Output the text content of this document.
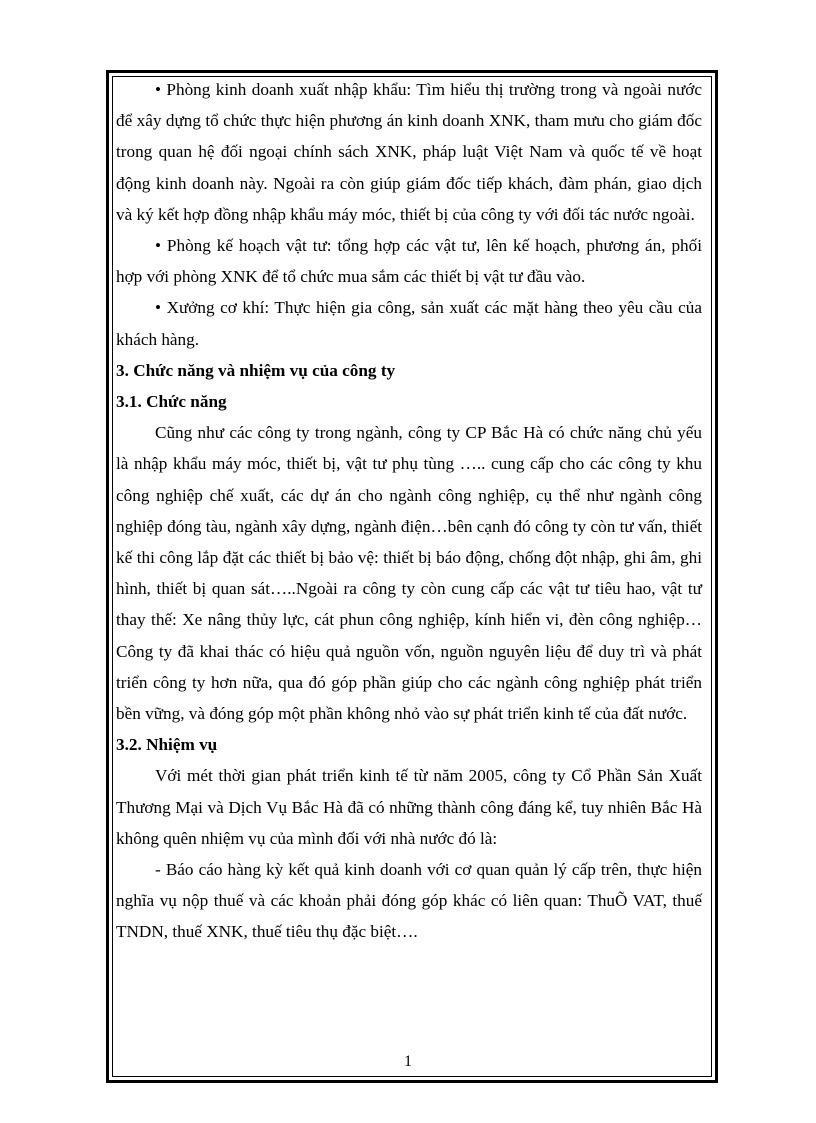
• Phòng kinh doanh xuất nhập khẩu: Tìm hiểu thị trường trong và ngoài nước để xây dựng tổ chức thực hiện phương án kinh doanh XNK, tham mưu cho giám đốc trong quan hệ đối ngoại chính sách XNK, pháp luật Việt Nam và quốc tế về hoạt động kinh doanh này. Ngoài ra còn giúp giám đốc tiếp khách, đàm phán, giao dịch và ký kết hợp đồng nhập khẩu máy móc, thiết bị của công ty với đối tác nước ngoài.

• Phòng kế hoạch vật tư: tổng hợp các vật tư, lên kế hoạch, phương án, phối hợp với phòng XNK để tổ chức mua sắm các thiết bị vật tư đầu vào.

• Xưởng cơ khí: Thực hiện gia công, sản xuất các mặt hàng theo yêu cầu của khách hàng.

3. Chức năng và nhiệm vụ của công ty
3.1. Chức năng

Cũng như các công ty trong ngành, công ty CP Bắc Hà có chức năng chủ yếu là nhập khẩu máy móc, thiết bị, vật tư phụ tùng ….. cung cấp cho các công ty khu công nghiệp chế xuất, các dự án cho ngành công nghiệp, cụ thể như ngành công nghiệp đóng tàu, ngành xây dựng, ngành điện…bên cạnh đó công ty còn tư vấn, thiết kế thi công lắp đặt các thiết bị bảo vệ: thiết bị báo động, chống đột nhập, ghi âm, ghi hình, thiết bị quan sát…..Ngoài ra công ty còn cung cấp các vật tư tiêu hao, vật tư thay thế: Xe nâng thủy lực, cát phun công nghiệp, kính hiển vi, đèn công nghiệp… Công ty đã khai thác có hiệu quả nguồn vốn, nguồn nguyên liệu để duy trì và phát triển công ty hơn nữa, qua đó góp phần giúp cho các ngành công nghiệp phát triển bền vững, và đóng góp một phần không nhỏ vào sự phát triển kinh tế của đất nước.

3.2. Nhiệm vụ

Với mét thời gian phát triển kinh tế từ năm 2005, công ty Cổ Phần Sản Xuất Thương Mại và Dịch Vụ Bắc Hà đã có những thành công đáng kể, tuy nhiên Bắc Hà không quên nhiệm vụ của mình đối với nhà nước đó là:

- Báo cáo hàng kỳ kết quả kinh doanh với cơ quan quản lý cấp trên, thực hiện nghĩa vụ nộp thuế và các khoản phải đóng góp khác có liên quan: ThuÕ VAT, thuế TNDN, thuế XNK, thuế tiêu thụ đặc biệt….

1
